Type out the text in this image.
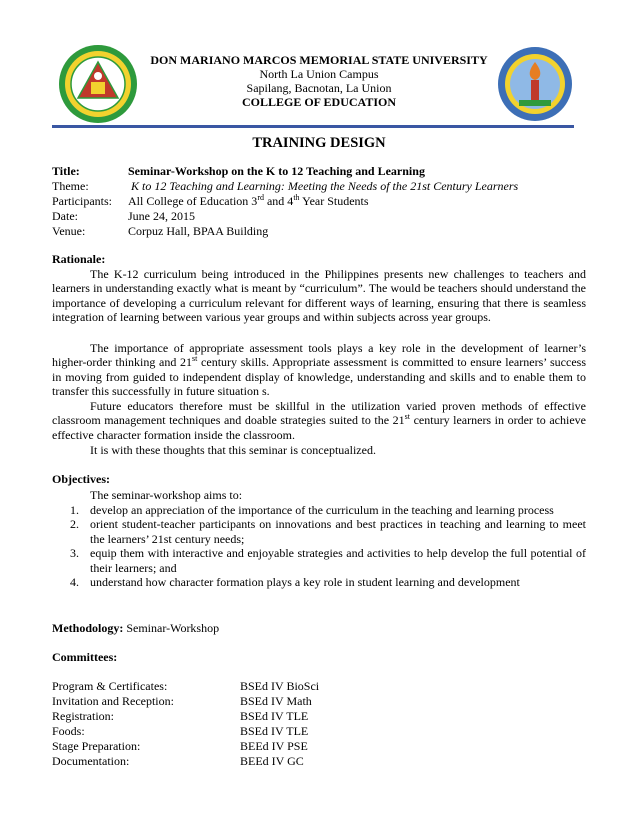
DON MARIANO MARCOS MEMORIAL STATE UNIVERSITY
North La Union Campus
Sapilang, Bacnotan, La Union
COLLEGE OF EDUCATION
TRAINING DESIGN
Title:	Seminar-Workshop on the K to 12 Teaching and Learning
Theme:	K to 12 Teaching and Learning: Meeting the Needs of the 21st Century Learners
Participants: All College of Education 3rd and 4th Year Students
Date:	June 24, 2015
Venue:	Corpuz Hall, BPAA Building
Rationale:
The K-12 curriculum being introduced in the Philippines presents new challenges to teachers and learners in understanding exactly what is meant by “curriculum”. The would be teachers should understand the importance of developing a curriculum relevant for different ways of learning, ensuring that there is seamless integration of learning between various year groups and within subjects across year groups.
The importance of appropriate assessment tools plays a key role in the development of learner’s higher-order thinking and 21st century skills. Appropriate assessment is committed to ensure learners’ success in moving from guided to independent display of knowledge, understanding and skills and to enable them to transfer this successfully in future situation s.
Future educators therefore must be skillful in the utilization varied proven methods of effective classroom management techniques and doable strategies suited to the 21st century learners in order to achieve effective character formation inside the classroom.
It is with these thoughts that this seminar is conceptualized.
Objectives:
The seminar-workshop aims to:
1. develop an appreciation of the importance of the curriculum in the teaching and learning process
2. orient student-teacher participants on innovations and best practices in teaching and learning to meet the learners’ 21st century needs;
3. equip them with interactive and enjoyable strategies and activities to help develop the full potential of their learners; and
4. understand how character formation plays a key role in student learning and development
Methodology: Seminar-Workshop
Committees:
Program & Certificates:	BSEd IV BioSci
Invitation and Reception:	BSEd IV Math
Registration:	BSEd IV TLE
Foods:	BSEd IV TLE
Stage Preparation:	BEEd IV PSE
Documentation:	BEEd IV GC
